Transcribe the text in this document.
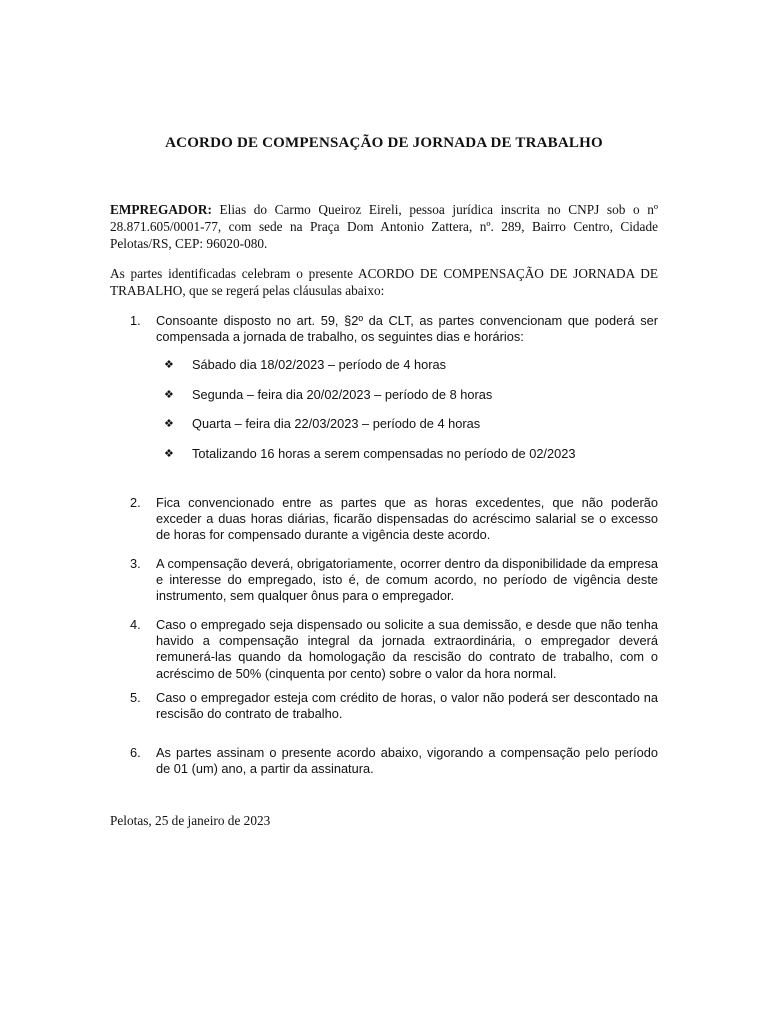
ACORDO DE COMPENSAÇÃO DE JORNADA DE TRABALHO
EMPREGADOR: Elias do Carmo Queiroz Eireli, pessoa jurídica inscrita no CNPJ sob o nº 28.871.605/0001-77, com sede na Praça Dom Antonio Zattera, nº. 289, Bairro Centro, Cidade Pelotas/RS, CEP: 96020-080.
As partes identificadas celebram o presente ACORDO DE COMPENSAÇÃO DE JORNADA DE TRABALHO, que se regerá pelas cláusulas abaixo:
1.	Consoante disposto no art. 59, §2º da CLT, as partes convencionam que poderá ser compensada a jornada de trabalho, os seguintes dias e horários:
❖	Sábado dia 18/02/2023 – período de 4 horas
❖	Segunda – feira dia 20/02/2023 – período de 8 horas
❖	Quarta – feira dia 22/03/2023 – período de 4 horas
❖	Totalizando 16 horas a serem compensadas no período de 02/2023
2.	Fica convencionado entre as partes que as horas excedentes, que não poderão exceder a duas horas diárias, ficarão dispensadas do acréscimo salarial se o excesso de horas for compensado durante a vigência deste acordo.
3.	A compensação deverá, obrigatoriamente, ocorrer dentro da disponibilidade da empresa e interesse do empregado, isto é, de comum acordo, no período de vigência deste instrumento, sem qualquer ônus para o empregador.
4.	Caso o empregado seja dispensado ou solicite a sua demissão, e desde que não tenha havido a compensação integral da jornada extraordinária, o empregador deverá remunerá-las quando da homologação da rescisão do contrato de trabalho, com o acréscimo de 50% (cinquenta por cento) sobre o valor da hora normal.
5.	Caso o empregador esteja com crédito de horas, o valor não poderá ser descontado na rescisão do contrato de trabalho.
6.	As partes assinam o presente acordo abaixo, vigorando a compensação pelo período de 01 (um) ano, a partir da assinatura.
Pelotas, 25 de janeiro de 2023
